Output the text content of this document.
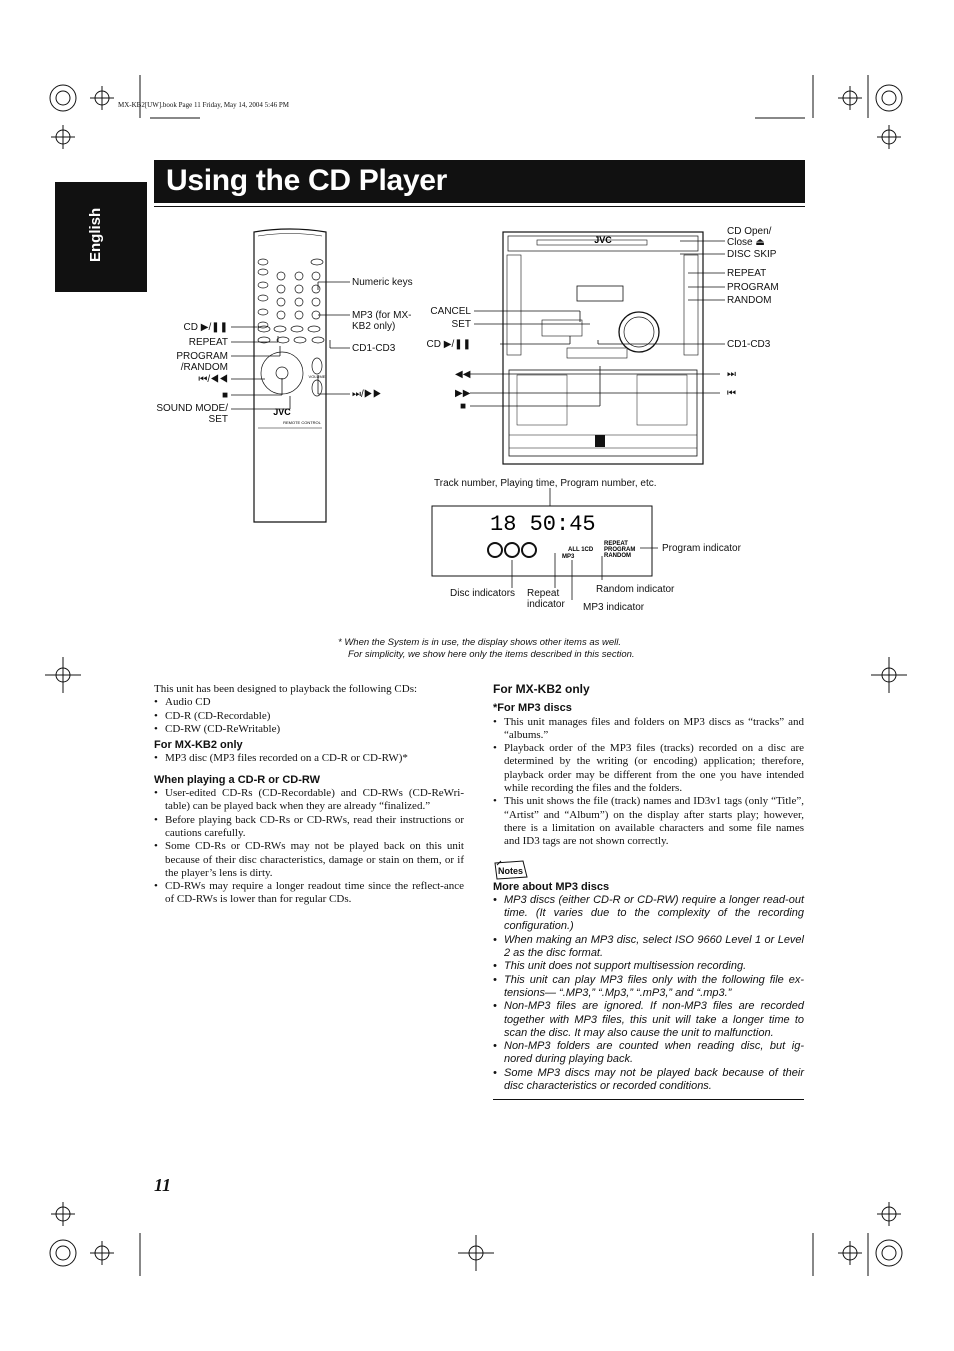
MX-KB2[UW].book Page 11 Friday, May 14, 2004 5:46 PM
English
Using the CD Player
JVC
REMOTE CONTROL
VOLUME
Numeric keys
MP3 (for MX-
KB2 only)
CD1-CD3
⏭/▶▶
CD ▶/❚❚
REPEAT
PROGRAM
/RANDOM
⏮/◀◀
■
SOUND MODE/
SET
JVC
CD Open/
Close ⏏
DISC SKIP
REPEAT
PROGRAM
RANDOM
CD1-CD3
⏭
⏮
CANCEL
SET
CD ▶/❚❚
◀◀
▶▶
■
Track number, Playing time, Program number, etc.
18 50:45
ALL 1CD
MP3
REPEAT
PROGRAM
RANDOM
Program indicator
Disc indicators Repeat
indicator
Random indicator
MP3 indicator
* When the System is in use, the display shows other items as well.
For simplicity, we show here only the items described in this section.
This unit has been designed to playback the following CDs:
• Audio CD
• CD-R (CD-Recordable)
• CD-RW (CD-ReWritable)
For MX-KB2 only
• MP3 disc (MP3 files recorded on a CD-R or CD-RW)*
When playing a CD-R or CD-RW
• User-edited CD-Rs (CD-Recordable) and CD-RWs (CD-ReWri-table) can be played back when they are already “finalized.”
• Before playing back CD-Rs or CD-RWs, read their instructions or cautions carefully.
• Some CD-Rs or CD-RWs may not be played back on this unit because of their disc characteristics, damage or stain on them, or if the player’s lens is dirty.
• CD-RWs may require a longer readout time since the reflect-ance of CD-RWs is lower than for regular CDs.
For MX-KB2 only
*For MP3 discs
• This unit manages files and folders on MP3 discs as “tracks” and “albums.”
• Playback order of the MP3 files (tracks) recorded on a disc are determined by the writing (or encoding) application; therefore, playback order may be different from the one you have intended while recording the files and the folders.
• This unit shows the file (track) names and ID3v1 tags (only “Title”, “Artist” and “Album”) on the display after starts play; however, there is a limitation on available characters and some file names and ID3 tags are not shown correctly.
Notes
More about MP3 discs
• MP3 discs (either CD-R or CD-RW) require a longer read-out time. (It varies due to the complexity of the recording configuration.)
• When making an MP3 disc, select ISO 9660 Level 1 or Level 2 as the disc format.
• This unit does not support multisession recording.
• This unit can play MP3 files only with the following file ex-tensions— “.MP3,” “.Mp3,” “.mP3,” and “.mp3.”
• Non-MP3 files are ignored. If non-MP3 files are recorded together with MP3 files, this unit will take a longer time to scan the disc. It may also cause the unit to malfunction.
• Non-MP3 folders are counted when reading disc, but ig-nored during playing back.
• Some MP3 discs may not be played back because of their disc characteristics or recorded conditions.
11
